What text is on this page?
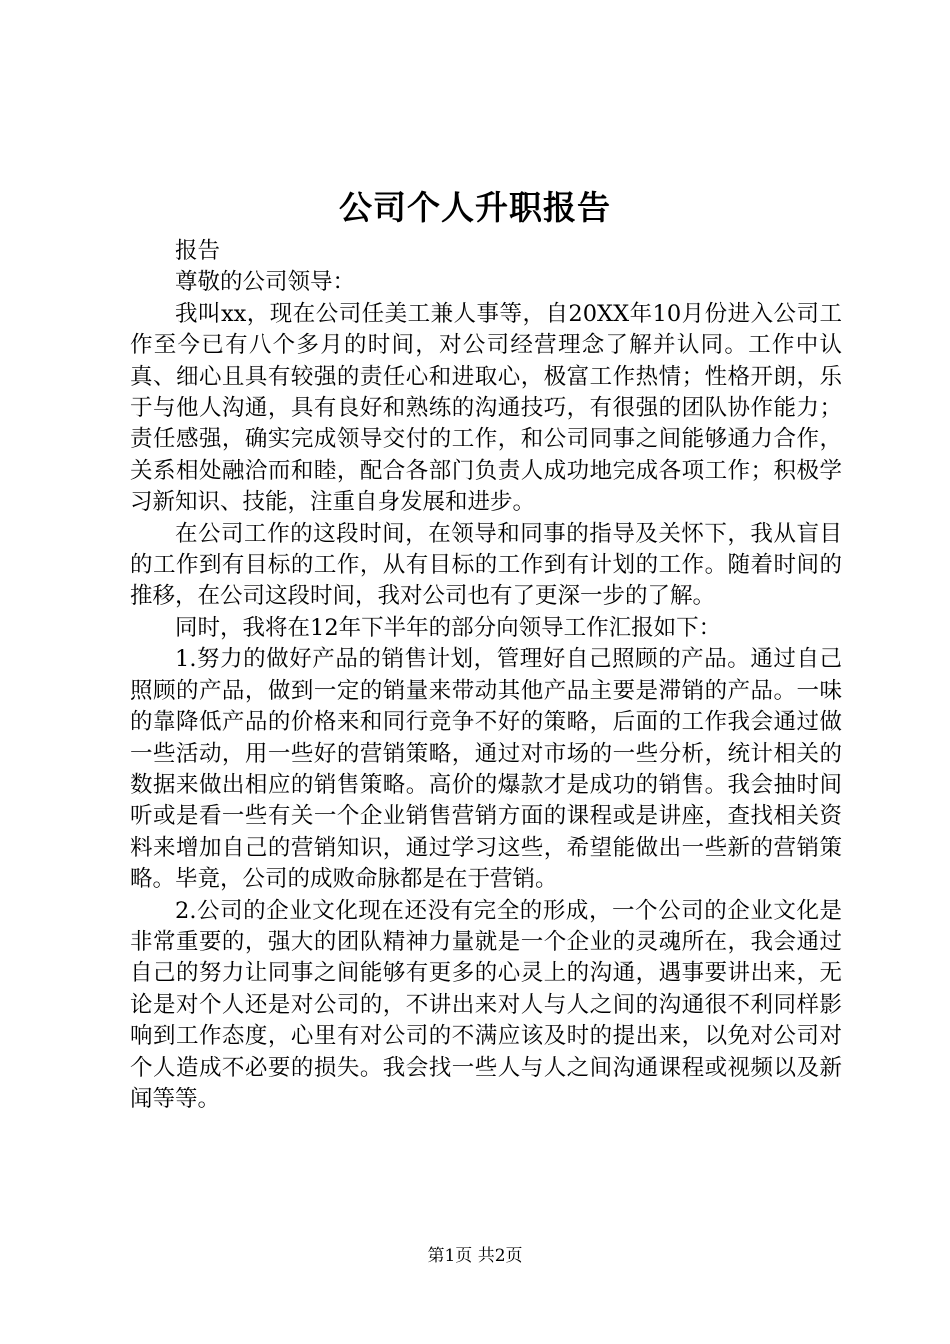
公司个人升职报告

报告

尊敬的公司领导：

我叫xx，现在公司任美工兼人事等，自20XX年10月份进入公司工作至今已有八个多月的时间，对公司经营理念了解并认同。工作中认真、细心且具有较强的责任心和进取心，极富工作热情；性格开朗，乐于与他人沟通，具有良好和熟练的沟通技巧，有很强的团队协作能力；责任感强，确实完成领导交付的工作，和公司同事之间能够通力合作，关系相处融洽而和睦，配合各部门负责人成功地完成各项工作；积极学习新知识、技能，注重自身发展和进步。

在公司工作的这段时间，在领导和同事的指导及关怀下，我从盲目的工作到有目标的工作，从有目标的工作到有计划的工作。随着时间的推移，在公司这段时间，我对公司也有了更深一步的了解。

同时，我将在12年下半年的部分向领导工作汇报如下：

1.努力的做好产品的销售计划，管理好自己照顾的产品。通过自己照顾的产品，做到一定的销量来带动其他产品主要是滞销的产品。一味的靠降低产品的价格来和同行竞争不好的策略，后面的工作我会通过做一些活动，用一些好的营销策略，通过对市场的一些分析，统计相关的数据来做出相应的销售策略。高价的爆款才是成功的销售。我会抽时间听或是看一些有关一个企业销售营销方面的课程或是讲座，查找相关资料来增加自己的营销知识，通过学习这些，希望能做出一些新的营销策略。毕竟，公司的成败命脉都是在于营销。

2.公司的企业文化现在还没有完全的形成，一个公司的企业文化是非常重要的，强大的团队精神力量就是一个企业的灵魂所在，我会通过自己的努力让同事之间能够有更多的心灵上的沟通，遇事要讲出来，无论是对个人还是对公司的，不讲出来对人与人之间的沟通很不利同样影响到工作态度，心里有对公司的不满应该及时的提出来，以免对公司对个人造成不必要的损失。我会找一些人与人之间沟通课程或视频以及新闻等等。

第1页 共2页
